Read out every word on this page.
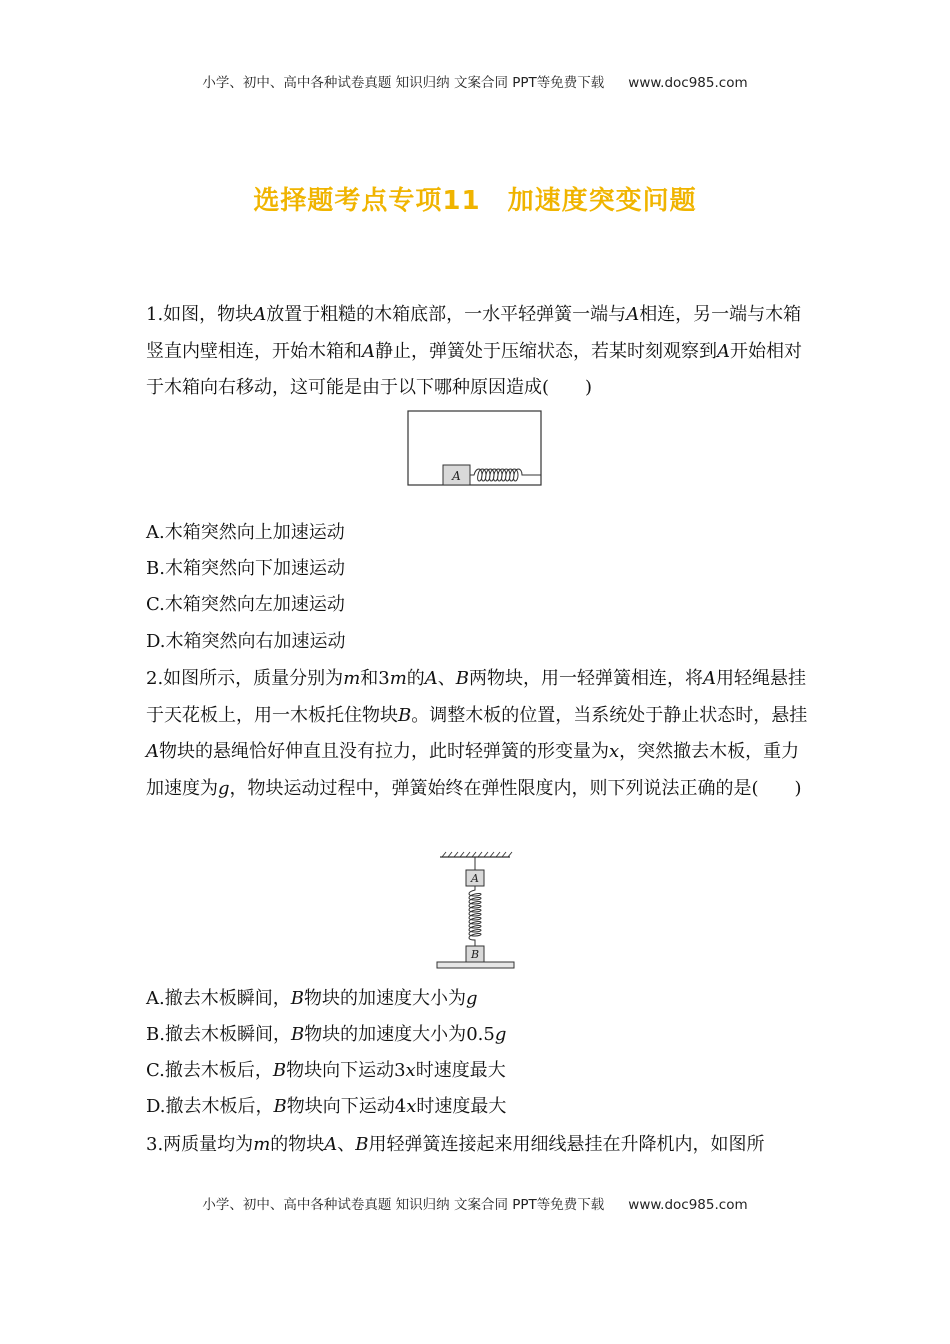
小学、初中、高中各种试卷真题 知识归纳 文案合同 PPT等免费下载 www.doc985.com
选择题考点专项11　加速度突变问题
1.如图，物块A放置于粗糙的木箱底部，一水平轻弹簧一端与A相连，另一端与木箱竖直内壁相连，开始木箱和A静止，弹簧处于压缩状态，若某时刻观察到A开始相对于木箱向右移动，这可能是由于以下哪种原因造成(　　)
A
A.木箱突然向上加速运动
B.木箱突然向下加速运动
C.木箱突然向左加速运动
D.木箱突然向右加速运动
2.如图所示，质量分别为m和3m的A、B两物块，用一轻弹簧相连，将A用轻绳悬挂于天花板上，用一木板托住物块B。调整木板的位置，当系统处于静止状态时，悬挂A物块的悬绳恰好伸直且没有拉力，此时轻弹簧的形变量为x，突然撤去木板，重力加速度为g，物块运动过程中，弹簧始终在弹性限度内，则下列说法正确的是(　　)
A
B
A.撤去木板瞬间，B物块的加速度大小为g
B.撤去木板瞬间，B物块的加速度大小为0.5g
C.撤去木板后，B物块向下运动3x时速度最大
D.撤去木板后，B物块向下运动4x时速度最大
3.两质量均为m的物块A、B用轻弹簧连接起来用细线悬挂在升降机内，如图所
小学、初中、高中各种试卷真题 知识归纳 文案合同 PPT等免费下载 www.doc985.com
